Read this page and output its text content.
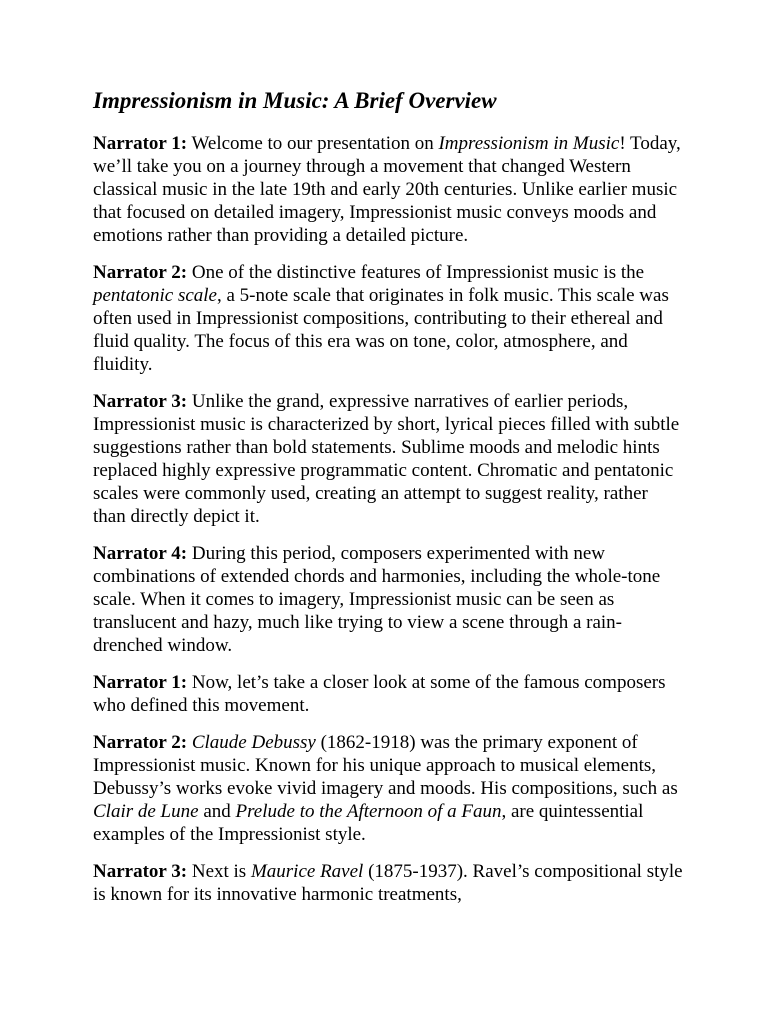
Impressionism in Music: A Brief Overview

Narrator 1: Welcome to our presentation on Impressionism in Music! Today, we’ll take you on a journey through a movement that changed Western classical music in the late 19th and early 20th centuries. Unlike earlier music that focused on detailed imagery, Impressionist music conveys moods and emotions rather than providing a detailed picture.

Narrator 2: One of the distinctive features of Impressionist music is the pentatonic scale, a 5-note scale that originates in folk music. This scale was often used in Impressionist compositions, contributing to their ethereal and fluid quality. The focus of this era was on tone, color, atmosphere, and fluidity.

Narrator 3: Unlike the grand, expressive narratives of earlier periods, Impressionist music is characterized by short, lyrical pieces filled with subtle suggestions rather than bold statements. Sublime moods and melodic hints replaced highly expressive programmatic content. Chromatic and pentatonic scales were commonly used, creating an attempt to suggest reality, rather than directly depict it.

Narrator 4: During this period, composers experimented with new combinations of extended chords and harmonies, including the whole-tone scale. When it comes to imagery, Impressionist music can be seen as translucent and hazy, much like trying to view a scene through a rain-drenched window.

Narrator 1: Now, let’s take a closer look at some of the famous composers who defined this movement.

Narrator 2: Claude Debussy (1862-1918) was the primary exponent of Impressionist music. Known for his unique approach to musical elements, Debussy’s works evoke vivid imagery and moods. His compositions, such as Clair de Lune and Prelude to the Afternoon of a Faun, are quintessential examples of the Impressionist style.

Narrator 3: Next is Maurice Ravel (1875-1937). Ravel’s compositional style is known for its innovative harmonic treatments,
